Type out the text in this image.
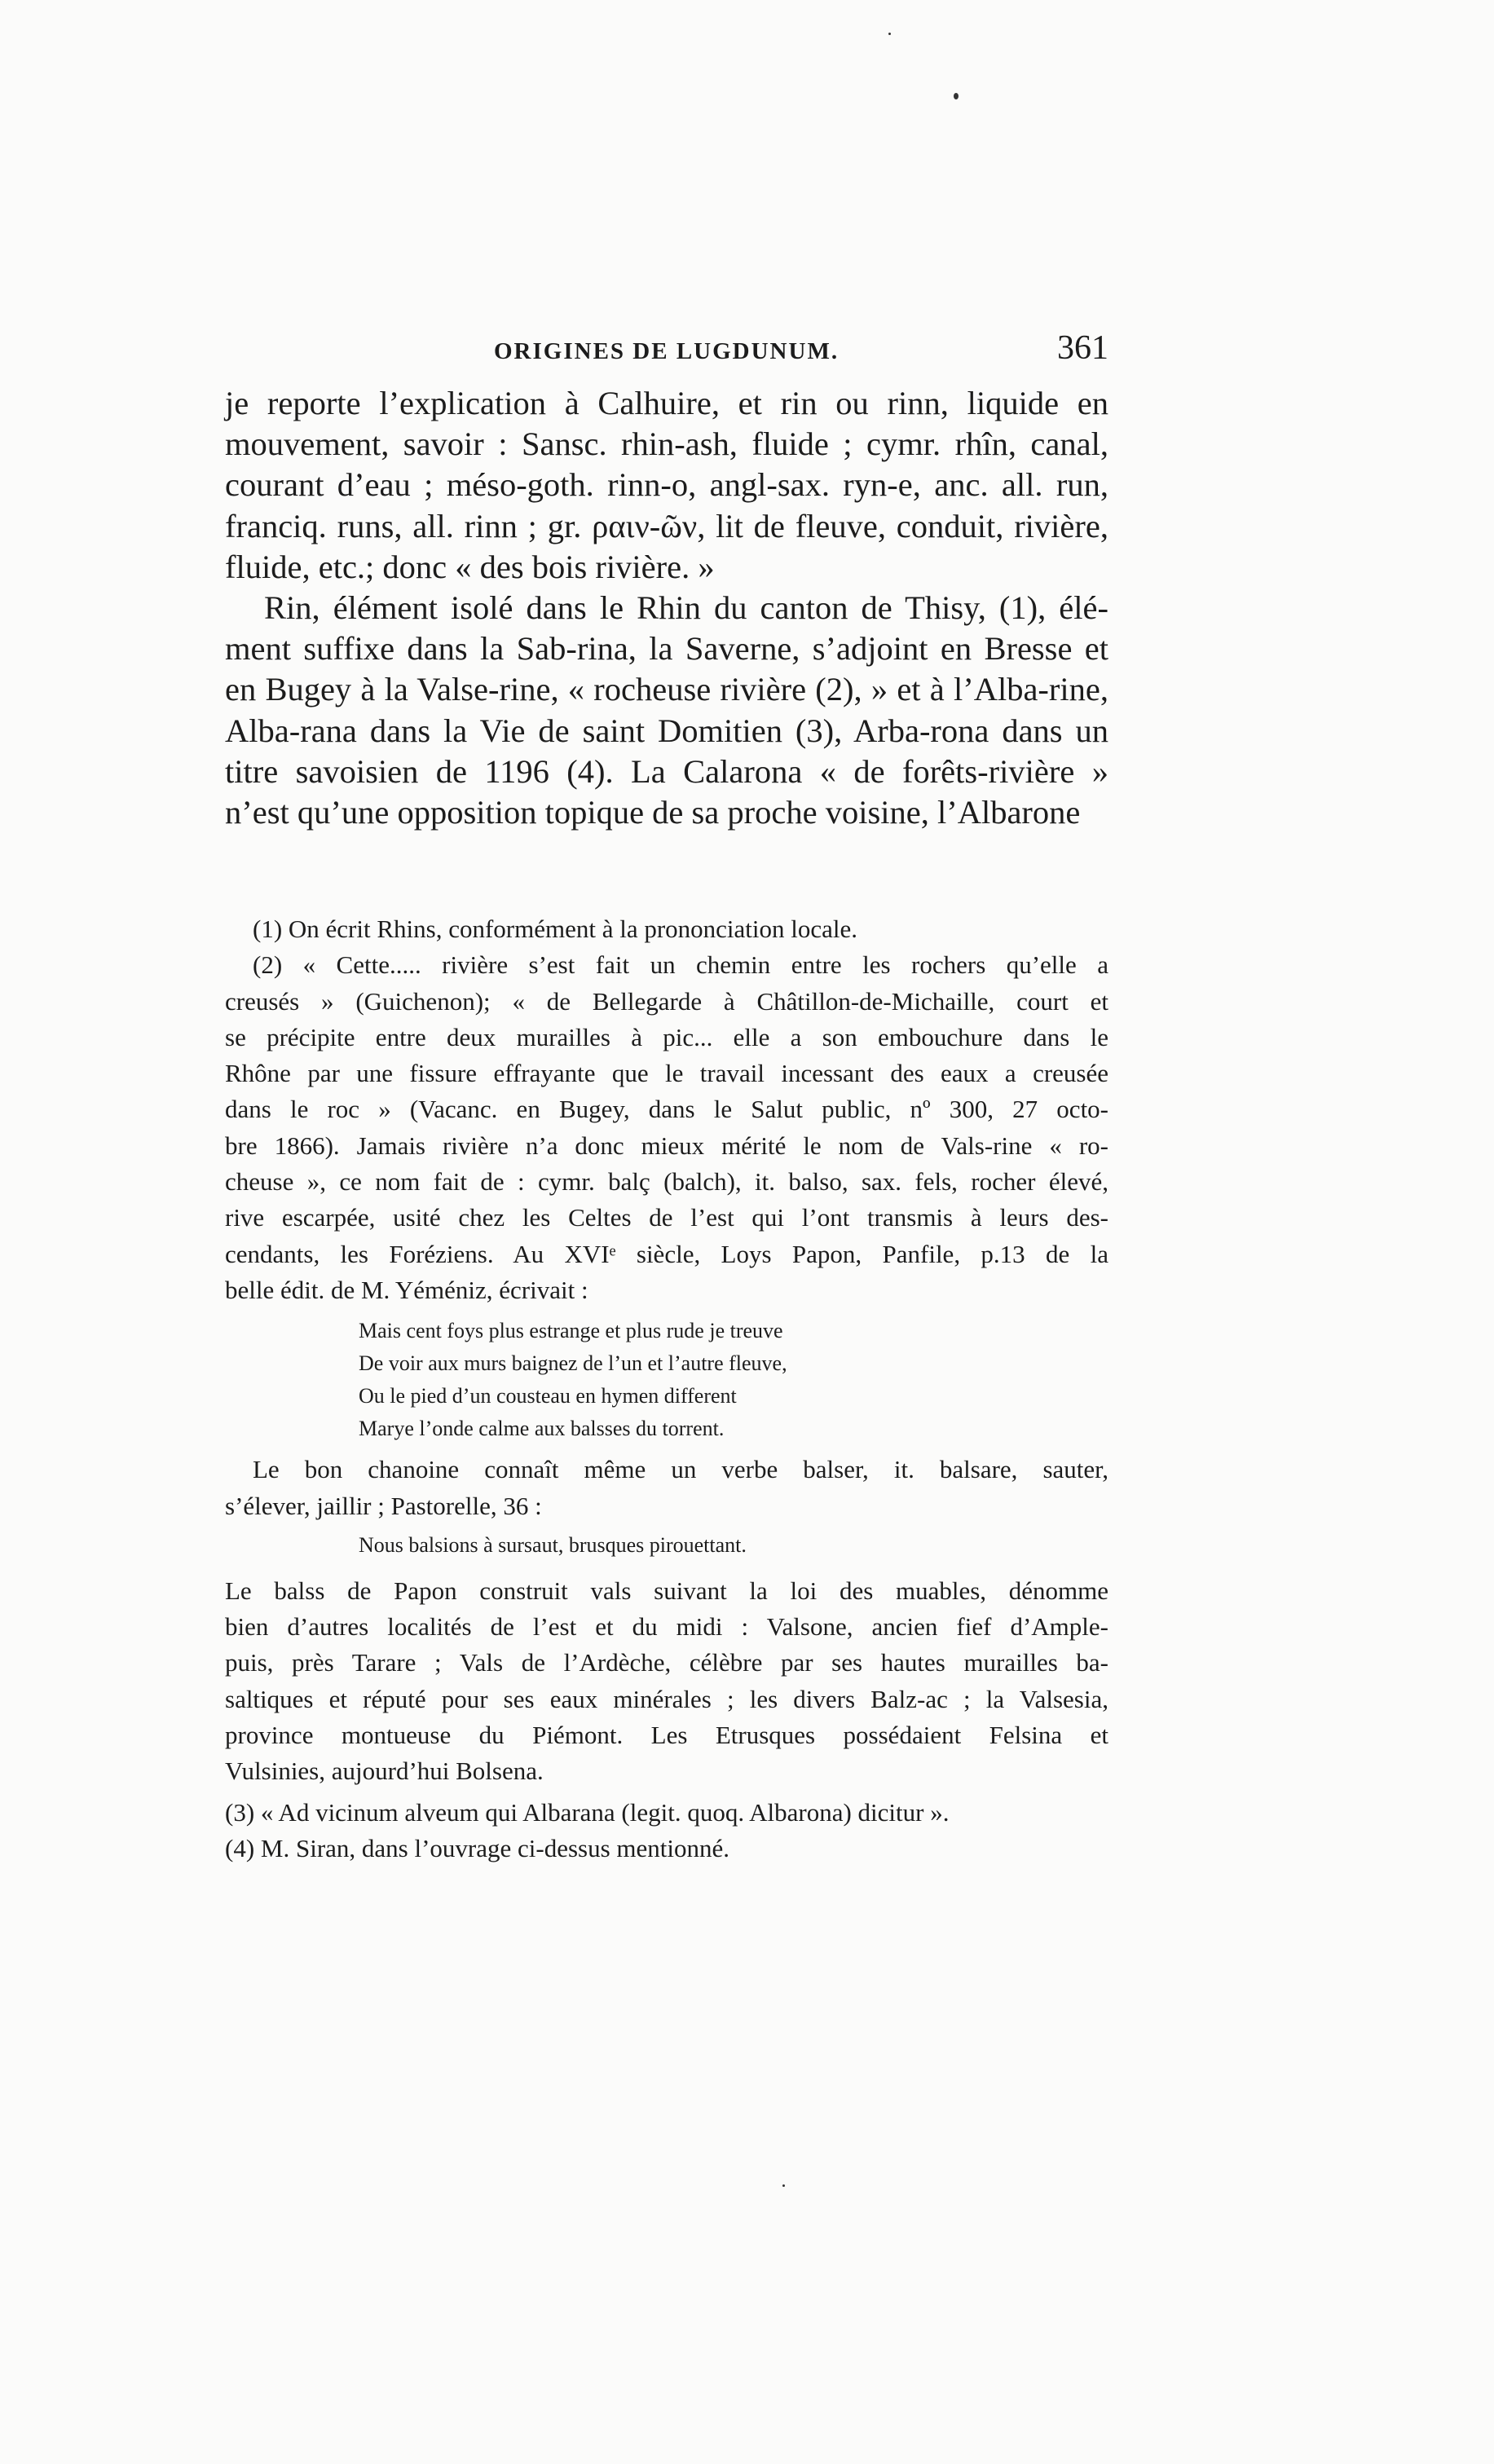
ORIGINES DE LUGDUNUM.	361
je reporte l’explication à Calhuire, et rin ou rinn, liquide en
mouvement, savoir : Sansc. rhin-ash, fluide ; cymr. rhîn, canal,
courant d’eau ; méso-goth. rinn-o, angl-sax. ryn-e, anc. all. run,
franciq. runs, all. rinn ; gr. ραιν-ῶν, lit de fleuve, conduit, rivière,
fluide, etc.; donc « des bois rivière. »
Rin, élément isolé dans le Rhin du canton de Thisy, (1), élé-
ment suffixe dans la Sab-rina, la Saverne, s’adjoint en Bresse et
en Bugey à la Valse-rine, « rocheuse rivière (2), » et à l’Alba-rine,
Alba-rana dans la Vie de saint Domitien (3), Arba-rona dans un
titre savoisien de 1196 (4). La Calarona « de forêts-rivière »
n’est qu’une opposition topique de sa proche voisine, l’Albarone
(1) On écrit Rhins, conformément à la prononciation locale.
(2) « Cette..... rivière s’est fait un chemin entre les rochers qu’elle a
creusés » (Guichenon); « de Bellegarde à Châtillon-de-Michaille, court et
se précipite entre deux murailles à pic... elle a son embouchure dans le
Rhône par une fissure effrayante que le travail incessant des eaux a creusée
dans le roc » (Vacanc. en Bugey, dans le Salut public, nº 300, 27 octo-
bre 1866). Jamais rivière n’a donc mieux mérité le nom de Vals-rine « ro-
cheuse », ce nom fait de : cymr. balç (balch), it. balso, sax. fels, rocher élevé,
rive escarpée, usité chez les Celtes de l’est qui l’ont transmis à leurs des-
cendants, les Foréziens. Au XVIᵉ siècle, Loys Papon, Panfile, p.13 de la
belle édit. de M. Yéméniz, écrivait :
Mais cent foys plus estrange et plus rude je treuve
De voir aux murs baignez de l’un et l’autre fleuve,
Ou le pied d’un cousteau en hymen different
Marye l’onde calme aux balsses du torrent.
Le bon chanoine connaît même un verbe balser, it. balsare, sauter,
s’élever, jaillir ; Pastorelle, 36 :
Nous balsions à sursaut, brusques pirouettant.
Le balss de Papon construit vals suivant la loi des muables, dénomme
bien d’autres localités de l’est et du midi : Valsone, ancien fief d’Ample-
puis, près Tarare ; Vals de l’Ardèche, célèbre par ses hautes murailles ba-
saltiques et réputé pour ses eaux minérales ; les divers Balz-ac ; la Valsesia,
province montueuse du Piémont. Les Etrusques possédaient Felsina et
Vulsinies, aujourd’hui Bolsena.
(3) « Ad vicinum alveum qui Albarana (legit. quoq. Albarona) dicitur ».
(4) M. Siran, dans l’ouvrage ci-dessus mentionné.
